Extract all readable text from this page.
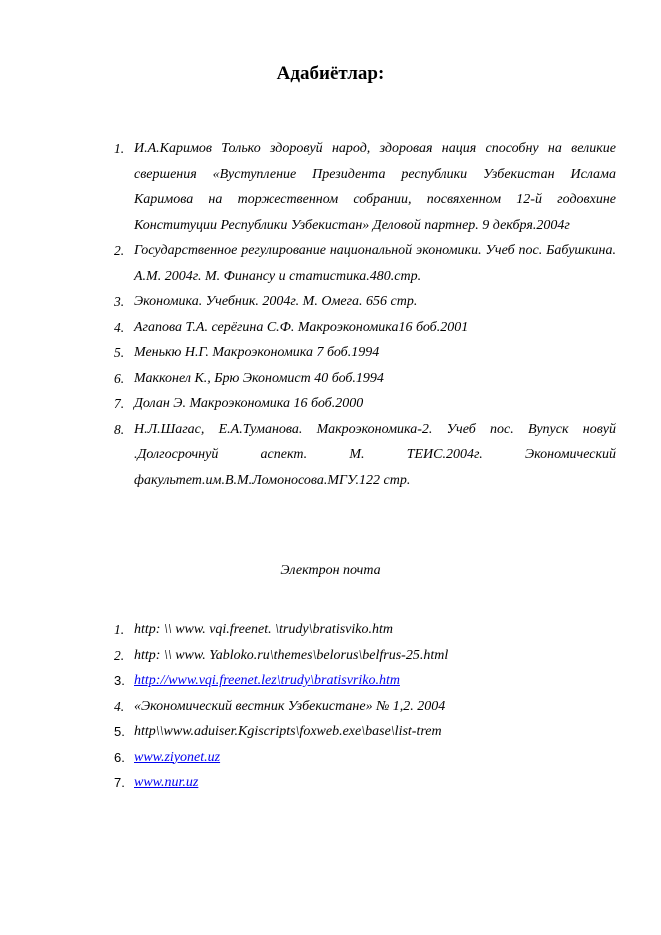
Адабиётлар:
1. И.А.Каримов Только здоровуй народ, здоровая нация способну на великие свершения «Вуступление Президента республики Узбекистан Ислама Каримова на торжественном собрании, посвяхенном 12-й годовхине Конституции Республики Узбекистан» Деловой партнер. 9 декбря.2004г
2. Государственное регулирование национальной экономики. Учеб пос. Бабушкина. А.М. 2004г. М. Финансу и статистика.480.стр.
3. Экономика. Учебник. 2004г. М. Омега. 656 стр.
4. Агапова Т.А. серёгина С.Ф. Макроэкономика16 боб.2001
5. Менькю Н.Г. Макроэкономика 7 боб.1994
6. Макконел К., Брю Экономист 40 боб.1994
7. Долан Э. Макроэкономика 16 боб.2000
8. Н.Л.Шагас, Е.А.Туманова. Макроэкономика-2. Учеб пос. Вупуск новуй .Долгосрочнуй аспект. М. ТЕИС.2004г. Экономический факультет.им.В.М.Ломоносова.МГУ.122 стр.
Электрон почта
1. http: \\ www. vqi.freenet. \trudy\bratisviko.htm
2. http: \\ www. Yabloko.ru\themes\belorus\belfrus-25.html
3. http://www.vqi.freenet.lez\trudy\bratisvriko.htm
4. «Экономический вестник Узбекистане» № 1,2. 2004
5. http\\www.aduiser.Kgiscripts\foxweb.exe\base\list-trem
6. www.ziyonet.uz
7. www.nur.uz
